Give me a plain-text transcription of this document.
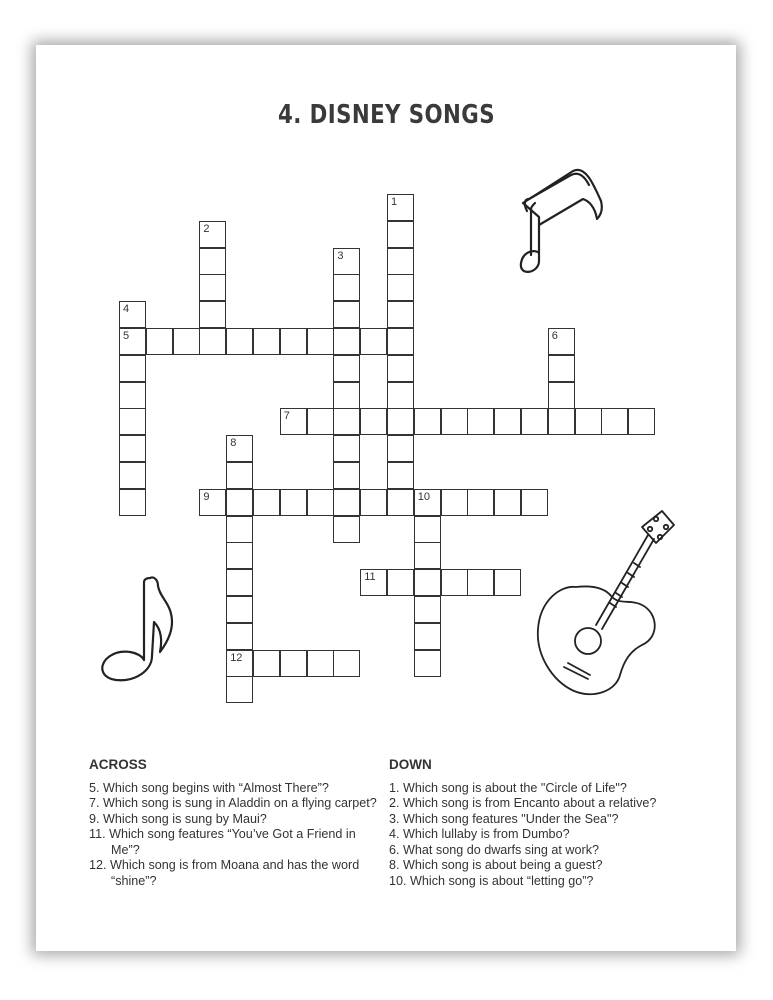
4. DISNEY SONGS
1
2
3
4
5	6
7
8
9	10
11
12
ACROSS
5. Which song begins with “Almost There”?
7. Which song is sung in Aladdin on a flying carpet?
9. Which song is sung by Maui?
11. Which song features “You’ve Got a Friend in Me”?
12. Which song is from Moana and has the word “shine”?
DOWN
1. Which song is about the "Circle of Life"?
2. Which song is from Encanto about a relative?
3. Which song features "Under the Sea"?
4. Which lullaby is from Dumbo?
6. What song do dwarfs sing at work?
8. Which song is about being a guest?
10. Which song is about “letting go”?
